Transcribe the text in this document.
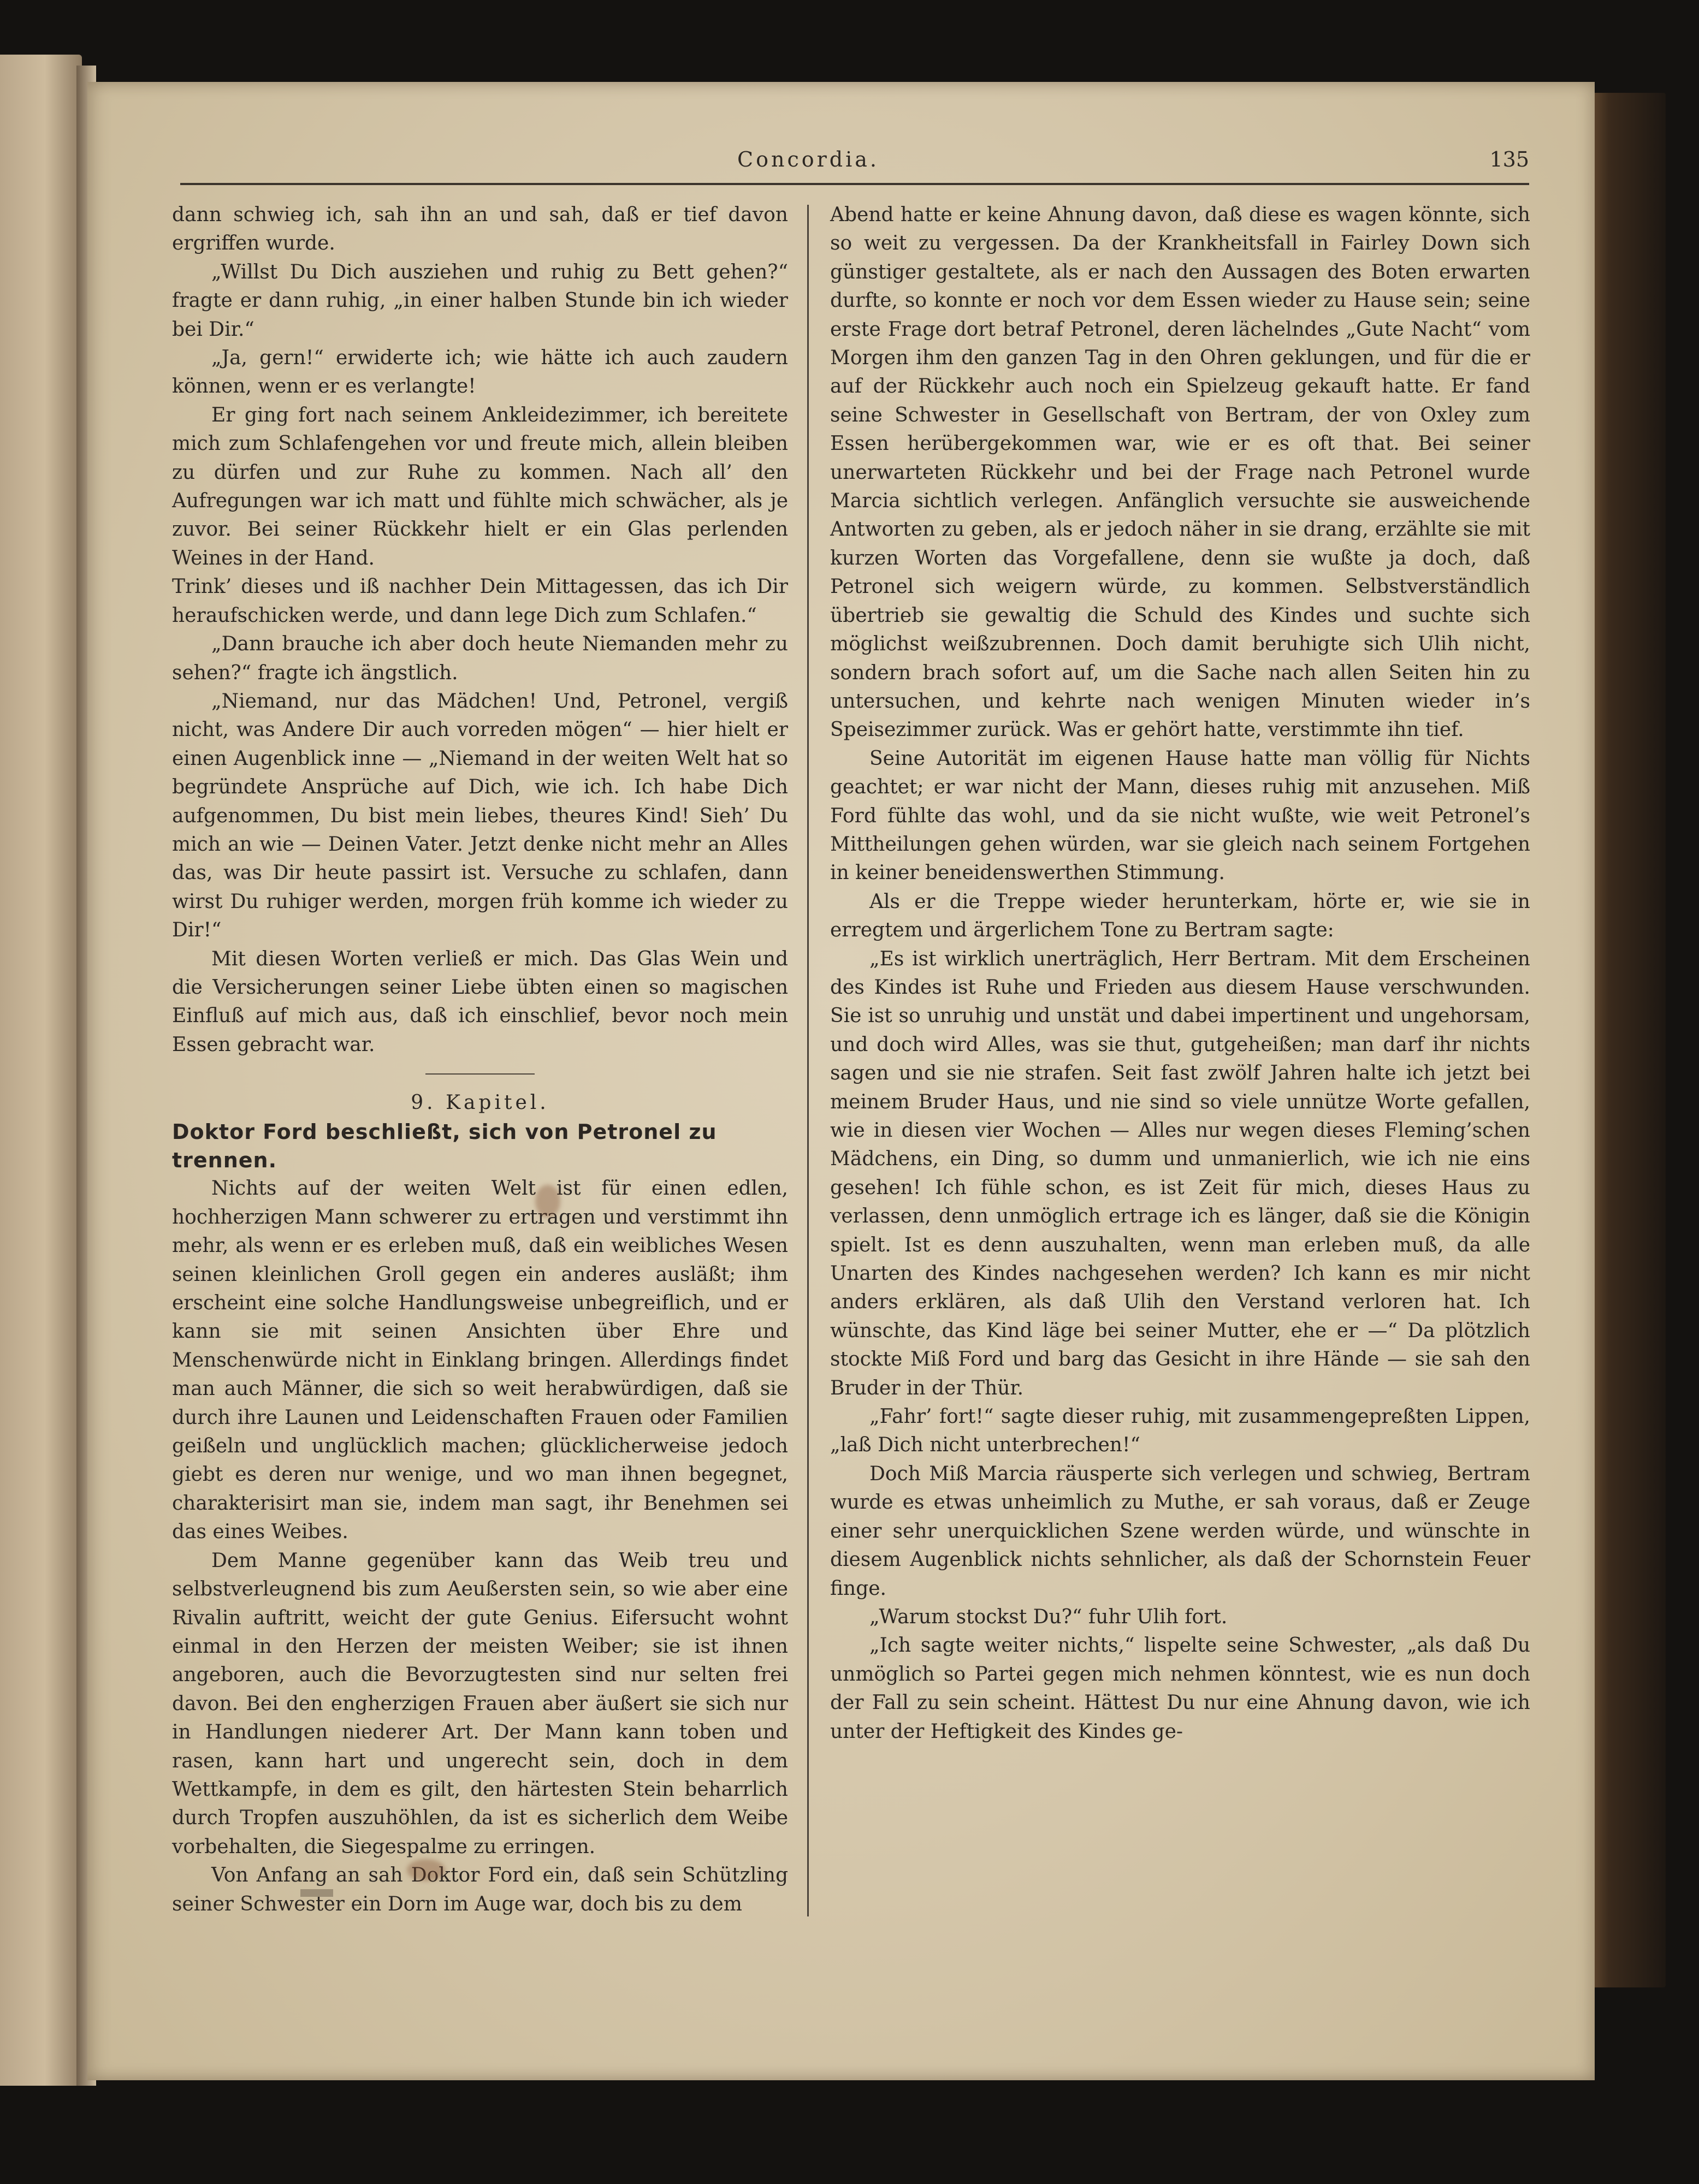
Concordia.	135

dann schwieg ich, sah ihn an und sah, daß er tief davon ergriffen wurde.

„Willst Du Dich ausziehen und ruhig zu Bett gehen?“ fragte er dann ruhig, „in einer halben Stunde bin ich wieder bei Dir.“

„Ja, gern!“ erwiderte ich; wie hätte ich auch zaudern können, wenn er es verlangte!

Er ging fort nach seinem Ankleidezimmer, ich bereitete mich zum Schlafengehen vor und freute mich, allein bleiben zu dürfen und zur Ruhe zu kommen. Nach all’ den Aufregungen war ich matt und fühlte mich schwächer, als je zuvor. Bei seiner Rückkehr hielt er ein Glas perlenden Weines in der Hand.

Trink’ dieses und iß nachher Dein Mittagessen, das ich Dir heraufschicken werde, und dann lege Dich zum Schlafen.“

„Dann brauche ich aber doch heute Niemanden mehr zu sehen?“ fragte ich ängstlich.

„Niemand, nur das Mädchen! Und, Petronel, vergiß nicht, was Andere Dir auch vorreden mögen“ — hier hielt er einen Augenblick inne — „Niemand in der weiten Welt hat so begründete Ansprüche auf Dich, wie ich. Ich habe Dich aufgenommen, Du bist mein liebes, theures Kind! Sieh’ Du mich an wie — Deinen Vater. Jetzt denke nicht mehr an Alles das, was Dir heute passirt ist. Versuche zu schlafen, dann wirst Du ruhiger werden, morgen früh komme ich wieder zu Dir!“

Mit diesen Worten verließ er mich. Das Glas Wein und die Versicherungen seiner Liebe übten einen so magischen Einfluß auf mich aus, daß ich einschlief, bevor noch mein Essen gebracht war.

9. Kapitel.

Doktor Ford beschließt, sich von Petronel zu trennen.

Nichts auf der weiten Welt ist für einen edlen, hochherzigen Mann schwerer zu ertragen und verstimmt ihn mehr, als wenn er es erleben muß, daß ein weibliches Wesen seinen kleinlichen Groll gegen ein anderes ausläßt; ihm erscheint eine solche Handlungsweise unbegreiflich, und er kann sie mit seinen Ansichten über Ehre und Menschenwürde nicht in Einklang bringen. Allerdings findet man auch Männer, die sich so weit herabwürdigen, daß sie durch ihre Launen und Leidenschaften Frauen oder Familien geißeln und unglücklich machen; glücklicherweise jedoch giebt es deren nur wenige, und wo man ihnen begegnet, charakterisirt man sie, indem man sagt, ihr Benehmen sei das eines Weibes.

Dem Manne gegenüber kann das Weib treu und selbstverleugnend bis zum Aeußersten sein, so wie aber eine Rivalin auftritt, weicht der gute Genius. Eifersucht wohnt einmal in den Herzen der meisten Weiber; sie ist ihnen angeboren, auch die Bevorzugtesten sind nur selten frei davon. Bei den engherzigen Frauen aber äußert sie sich nur in Handlungen niederer Art. Der Mann kann toben und rasen, kann hart und ungerecht sein, doch in dem Wettkampfe, in dem es gilt, den härtesten Stein beharrlich durch Tropfen auszuhöhlen, da ist es sicherlich dem Weibe vorbehalten, die Siegespalme zu erringen.

Von Anfang an sah Doktor Ford ein, daß sein Schützling seiner Schwester ein Dorn im Auge war, doch bis zu dem

Abend hatte er keine Ahnung davon, daß diese es wagen könnte, sich so weit zu vergessen. Da der Krankheitsfall in Fairley Down sich günstiger gestaltete, als er nach den Aussagen des Boten erwarten durfte, so konnte er noch vor dem Essen wieder zu Hause sein; seine erste Frage dort betraf Petronel, deren lächelndes „Gute Nacht“ vom Morgen ihm den ganzen Tag in den Ohren geklungen, und für die er auf der Rückkehr auch noch ein Spielzeug gekauft hatte. Er fand seine Schwester in Gesellschaft von Bertram, der von Oxley zum Essen herübergekommen war, wie er es oft that. Bei seiner unerwarteten Rückkehr und bei der Frage nach Petronel wurde Marcia sichtlich verlegen. Anfänglich versuchte sie ausweichende Antworten zu geben, als er jedoch näher in sie drang, erzählte sie mit kurzen Worten das Vorgefallene, denn sie wußte ja doch, daß Petronel sich weigern würde, zu kommen. Selbstverständlich übertrieb sie gewaltig die Schuld des Kindes und suchte sich möglichst weißzubrennen. Doch damit beruhigte sich Ulih nicht, sondern brach sofort auf, um die Sache nach allen Seiten hin zu untersuchen, und kehrte nach wenigen Minuten wieder in’s Speisezimmer zurück. Was er gehört hatte, verstimmte ihn tief.

Seine Autorität im eigenen Hause hatte man völlig für Nichts geachtet; er war nicht der Mann, dieses ruhig mit anzusehen. Miß Ford fühlte das wohl, und da sie nicht wußte, wie weit Petronel’s Mittheilungen gehen würden, war sie gleich nach seinem Fortgehen in keiner beneidenswerthen Stimmung.

Als er die Treppe wieder herunterkam, hörte er, wie sie in erregtem und ärgerlichem Tone zu Bertram sagte:

„Es ist wirklich unerträglich, Herr Bertram. Mit dem Erscheinen des Kindes ist Ruhe und Frieden aus diesem Hause verschwunden. Sie ist so unruhig und unstät und dabei impertinent und ungehorsam, und doch wird Alles, was sie thut, gutgeheißen; man darf ihr nichts sagen und sie nie strafen. Seit fast zwölf Jahren halte ich jetzt bei meinem Bruder Haus, und nie sind so viele unnütze Worte gefallen, wie in diesen vier Wochen — Alles nur wegen dieses Fleming’schen Mädchens, ein Ding, so dumm und unmanierlich, wie ich nie eins gesehen! Ich fühle schon, es ist Zeit für mich, dieses Haus zu verlassen, denn unmöglich ertrage ich es länger, daß sie die Königin spielt. Ist es denn auszuhalten, wenn man erleben muß, da alle Unarten des Kindes nachgesehen werden? Ich kann es mir nicht anders erklären, als daß Ulih den Verstand verloren hat. Ich wünschte, das Kind läge bei seiner Mutter, ehe er —“ Da plötzlich stockte Miß Ford und barg das Gesicht in ihre Hände — sie sah den Bruder in der Thür.

„Fahr’ fort!“ sagte dieser ruhig, mit zusammengepreßten Lippen, „laß Dich nicht unterbrechen!“

Doch Miß Marcia räusperte sich verlegen und schwieg, Bertram wurde es etwas unheimlich zu Muthe, er sah voraus, daß er Zeuge einer sehr unerquicklichen Szene werden würde, und wünschte in diesem Augenblick nichts sehnlicher, als daß der Schornstein Feuer finge.

„Warum stockst Du?“ fuhr Ulih fort.

„Ich sagte weiter nichts,“ lispelte seine Schwester, „als daß Du unmöglich so Partei gegen mich nehmen könntest, wie es nun doch der Fall zu sein scheint. Hättest Du nur eine Ahnung davon, wie ich unter der Heftigkeit des Kindes ge-
